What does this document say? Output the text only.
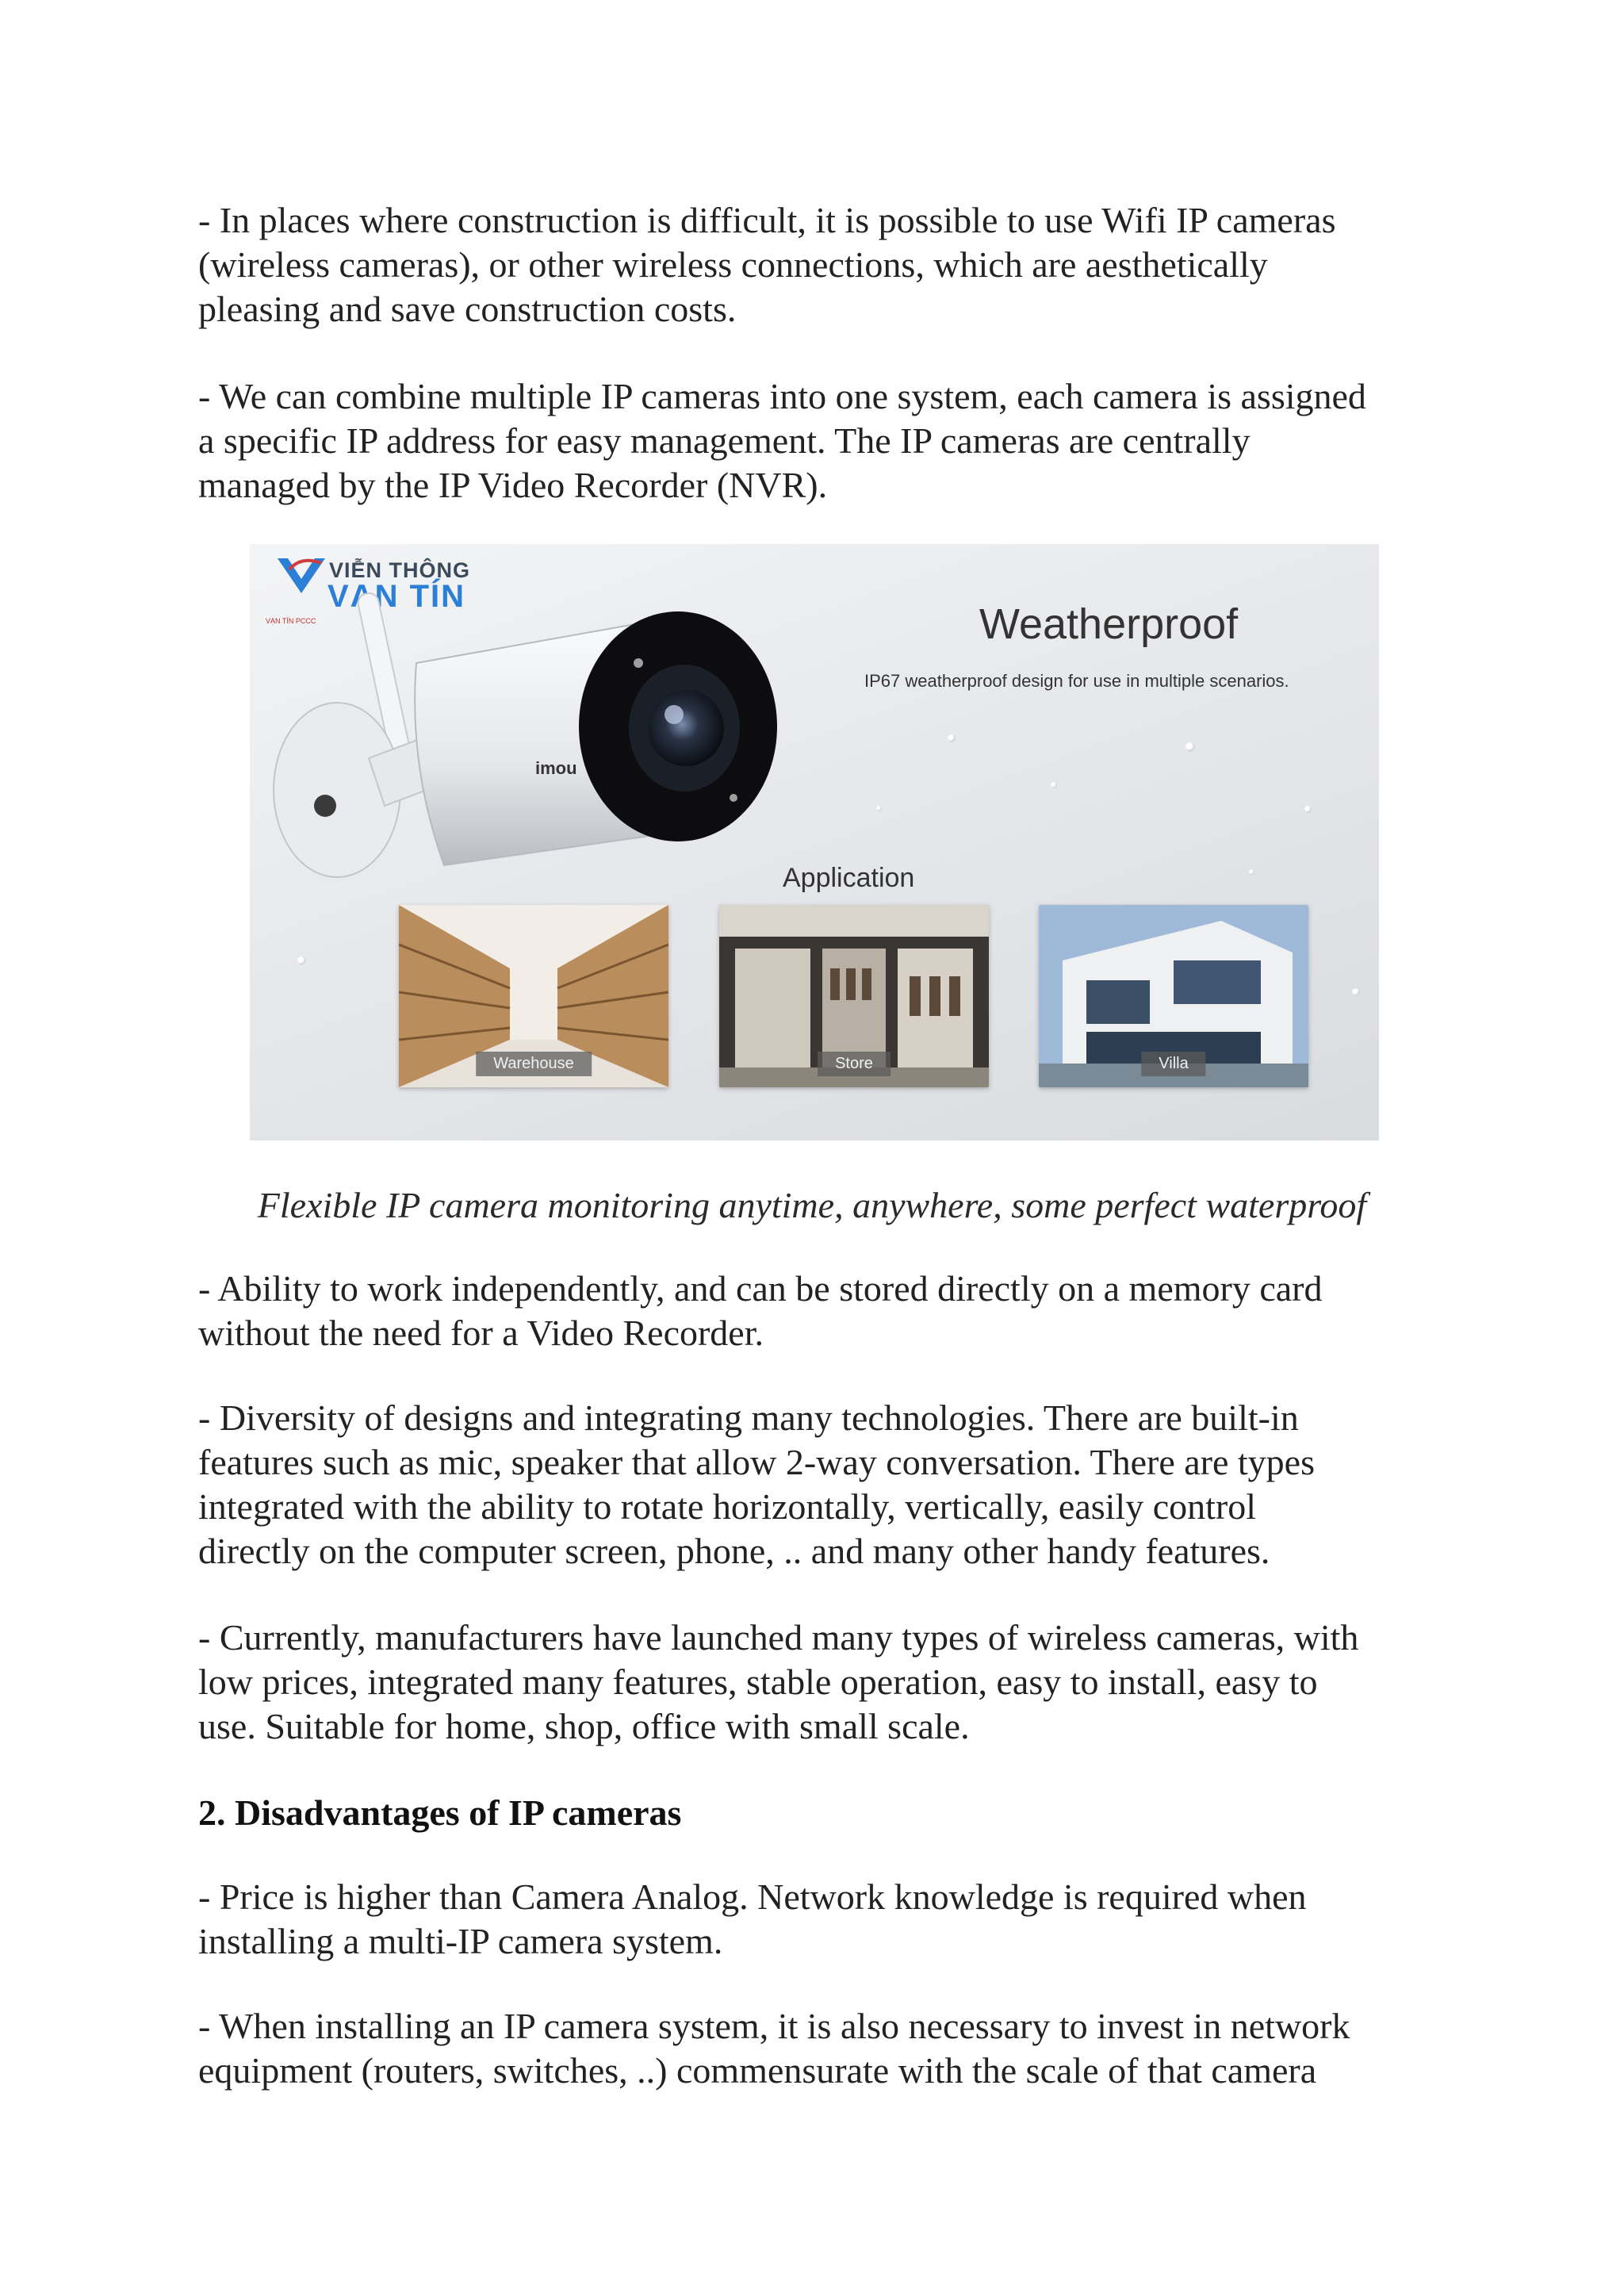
- In places where construction is difficult, it is possible to use Wifi IP cameras
(wireless cameras), or other wireless connections, which are aesthetically
pleasing and save construction costs.

- We can combine multiple IP cameras into one system, each camera is assigned
a specific IP address for easy management. The IP cameras are centrally
managed by the IP Video Recorder (NVR).

VIỄN THÔNG
VẠN TÍN
VẠN TÍN PCCC
imou
Weatherproof
IP67 weatherproof design for use in multiple scenarios.
Application
Warehouse	Store	Villa
Flexible IP camera monitoring anytime, anywhere, some perfect waterproof

- Ability to work independently, and can be stored directly on a memory card
without the need for a Video Recorder.

- Diversity of designs and integrating many technologies. There are built-in
features such as mic, speaker that allow 2-way conversation. There are types
integrated with the ability to rotate horizontally, vertically, easily control
directly on the computer screen, phone, .. and many other handy features.

- Currently, manufacturers have launched many types of wireless cameras, with
low prices, integrated many features, stable operation, easy to install, easy to
use. Suitable for home, shop, office with small scale.

2. Disadvantages of IP cameras

- Price is higher than Camera Analog. Network knowledge is required when
installing a multi-IP camera system.

- When installing an IP camera system, it is also necessary to invest in network
equipment (routers, switches, ..) commensurate with the scale of that camera
